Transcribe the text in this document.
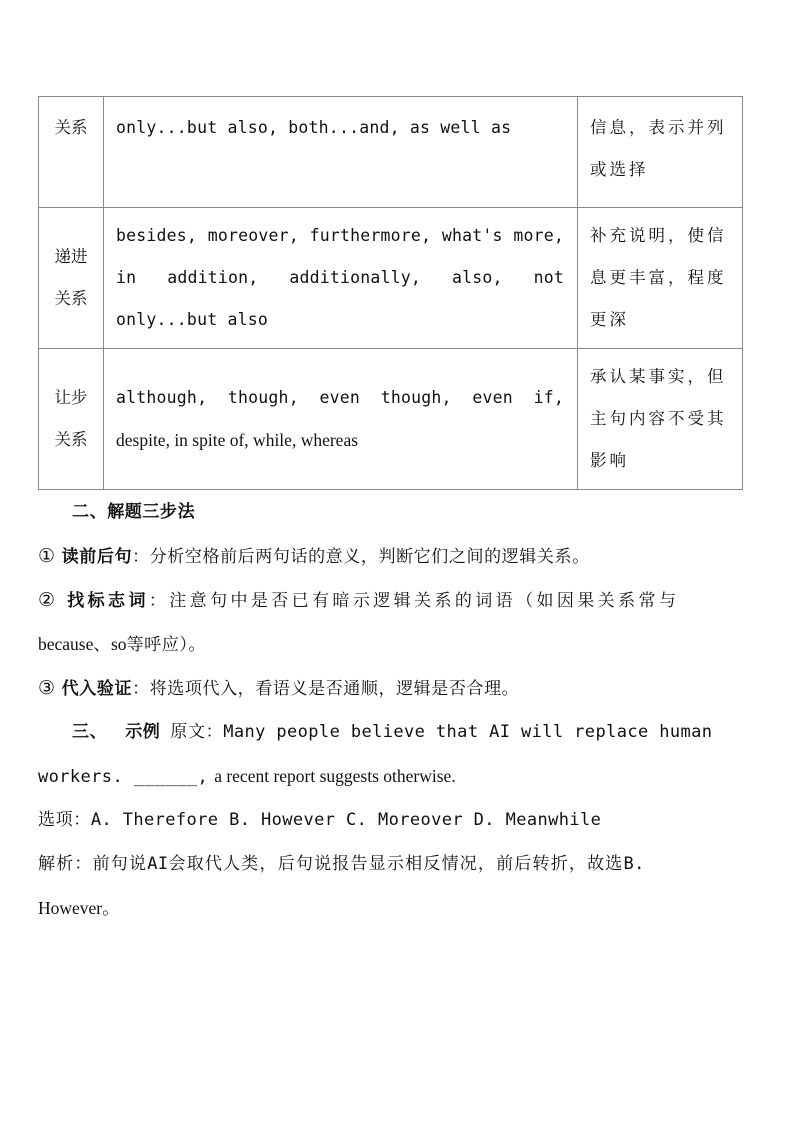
关系	only...but also, both...and, as well as	信息，表示并列
或选择

递进
关系	besides, moreover, furthermore, what's more,
in addition, additionally, also, not
only...but also	补充说明，使信
息更丰富，程度
更深

让步
关系	although, though, even though, even if,
despite, in spite of, while, whereas	承认某事实，但
主句内容不受其
影响
二、解题三步法
① 读前后句：分析空格前后两句话的意义，判断它们之间的逻辑关系。
② 找标志词：注意句中是否已有暗示逻辑关系的词语（如因果关系常与
because、so等呼应）。
③ 代入验证：将选项代入，看语义是否通顺，逻辑是否合理。
三、 示例 原文：Many people believe that AI will replace human
workers. ______, a recent report suggests otherwise.
选项：A. Therefore B. However C. Moreover D. Meanwhile
解析：前句说AI会取代人类，后句说报告显示相反情况，前后转折，故选B.
However。
